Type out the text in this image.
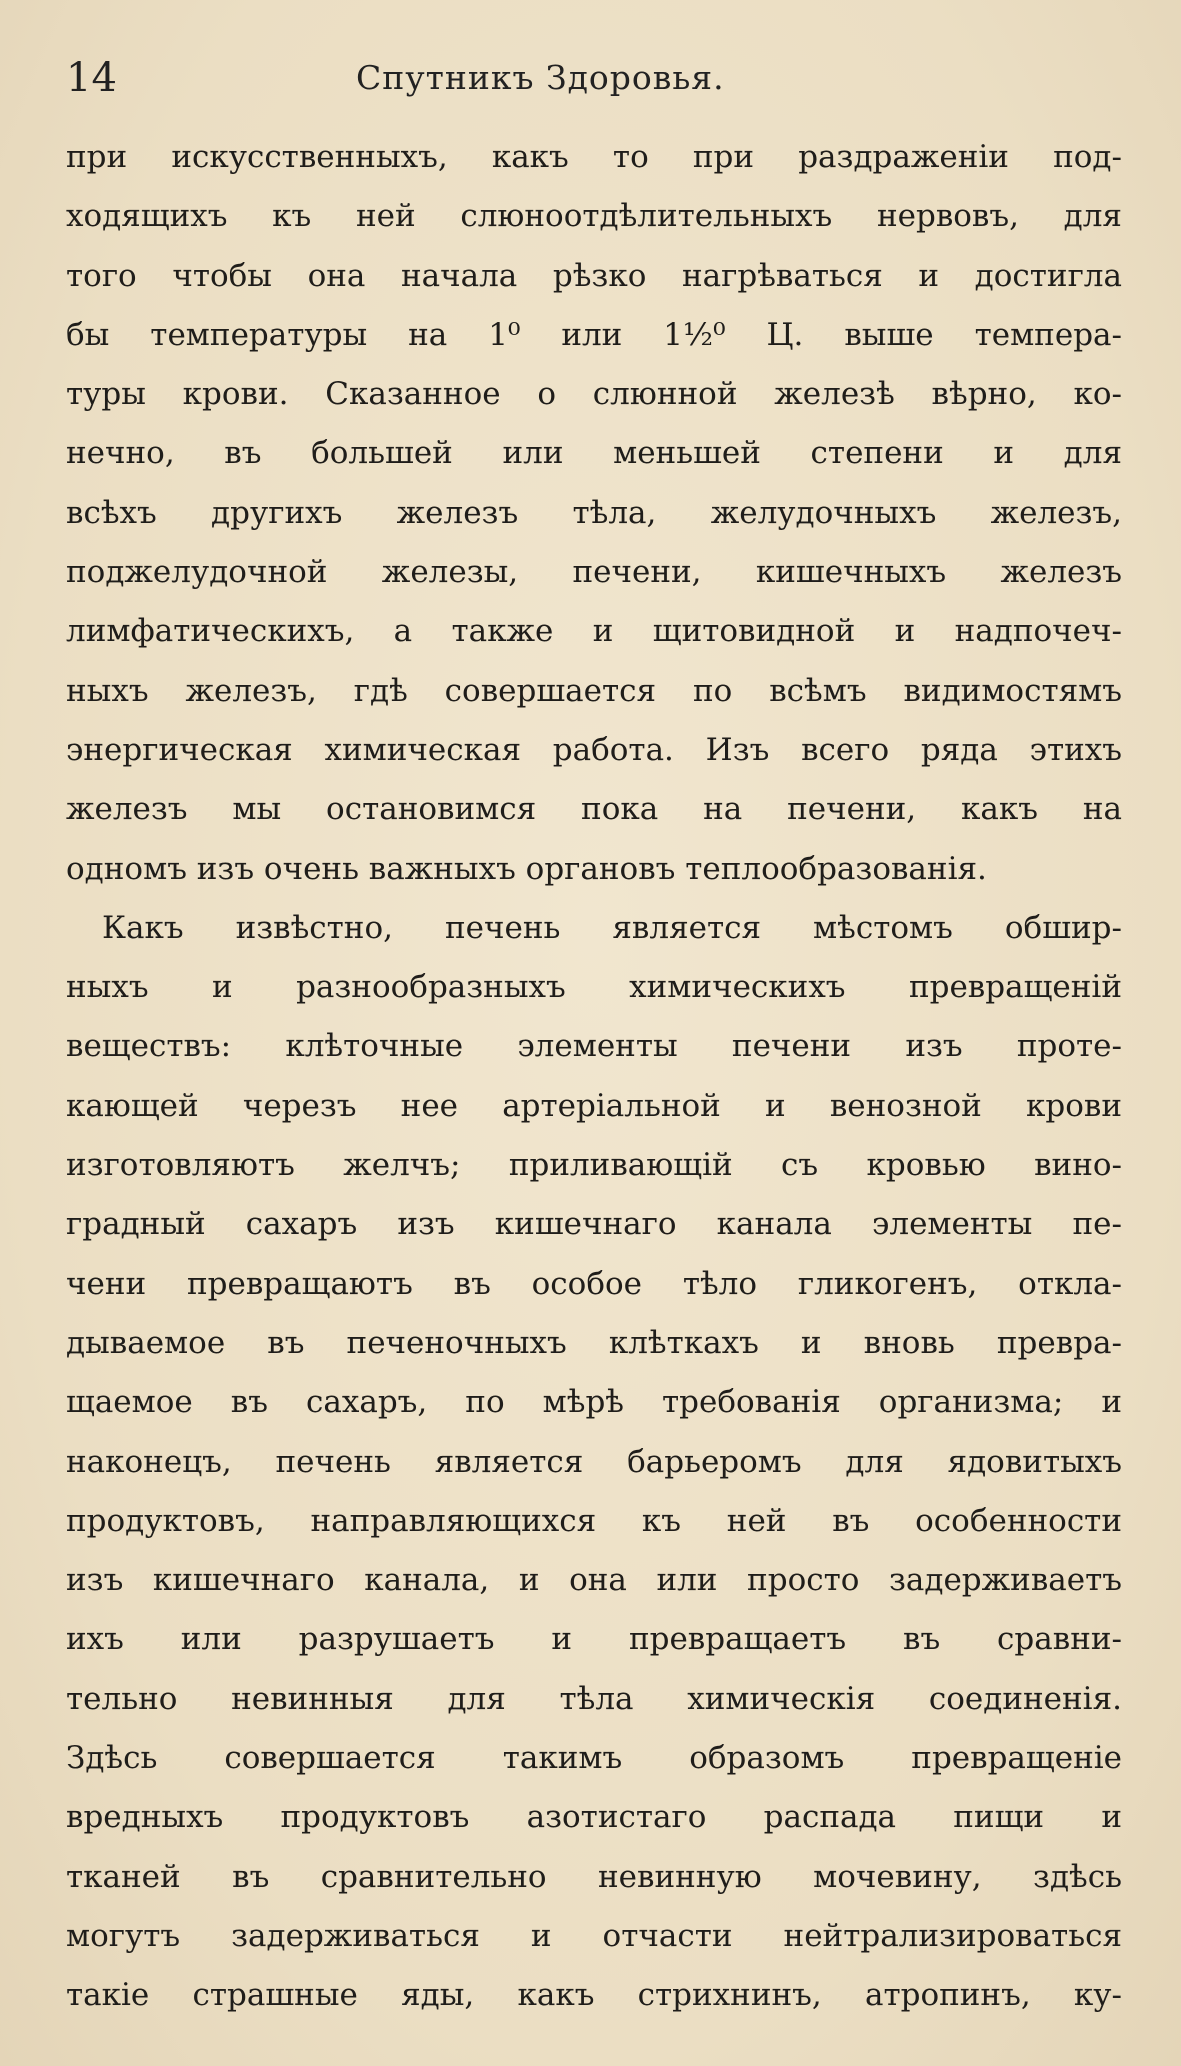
14	Спутникъ Здоровья.
при искусственныхъ, какъ то при раздраженіи под-
ходящихъ къ ней слюноотдѣлительныхъ нервовъ, для
того чтобы она начала рѣзко нагрѣваться и достигла
бы температуры на 1⁰ или 1½⁰ Ц. выше темпера-
туры крови. Сказанное о слюнной железѣ вѣрно, ко-
нечно, въ большей или меньшей степени и для
всѣхъ другихъ железъ тѣла, желудочныхъ железъ,
поджелудочной железы, печени, кишечныхъ железъ
лимфатическихъ, а также и щитовидной и надпочеч-
ныхъ железъ, гдѣ совершается по всѣмъ видимостямъ
энергическая химическая работа. Изъ всего ряда этихъ
железъ мы остановимся пока на печени, какъ на
одномъ изъ очень важныхъ органовъ теплообразованія.
Какъ извѣстно, печень является мѣстомъ обшир-
ныхъ и разнообразныхъ химическихъ превращеній
веществъ: клѣточные элементы печени изъ проте-
кающей черезъ нее артеріальной и венозной крови
изготовляютъ желчъ; приливающій съ кровью вино-
градный сахаръ изъ кишечнаго канала элементы пе-
чени превращаютъ въ особое тѣло гликогенъ, откла-
дываемое въ печеночныхъ клѣткахъ и вновь превра-
щаемое въ сахаръ, по мѣрѣ требованія организма; и
наконецъ, печень является барьеромъ для ядовитыхъ
продуктовъ, направляющихся къ ней въ особенности
изъ кишечнаго канала, и она или просто задерживаетъ
ихъ или разрушаетъ и превращаетъ въ сравни-
тельно невинныя для тѣла химическія соединенія.
Здѣсь совершается такимъ образомъ превращеніе
вредныхъ продуктовъ азотистаго распада пищи и
тканей въ сравнительно невинную мочевину, здѣсь
могутъ задерживаться и отчасти нейтрализироваться
такіе страшные яды, какъ стрихнинъ, атропинъ, ку-
